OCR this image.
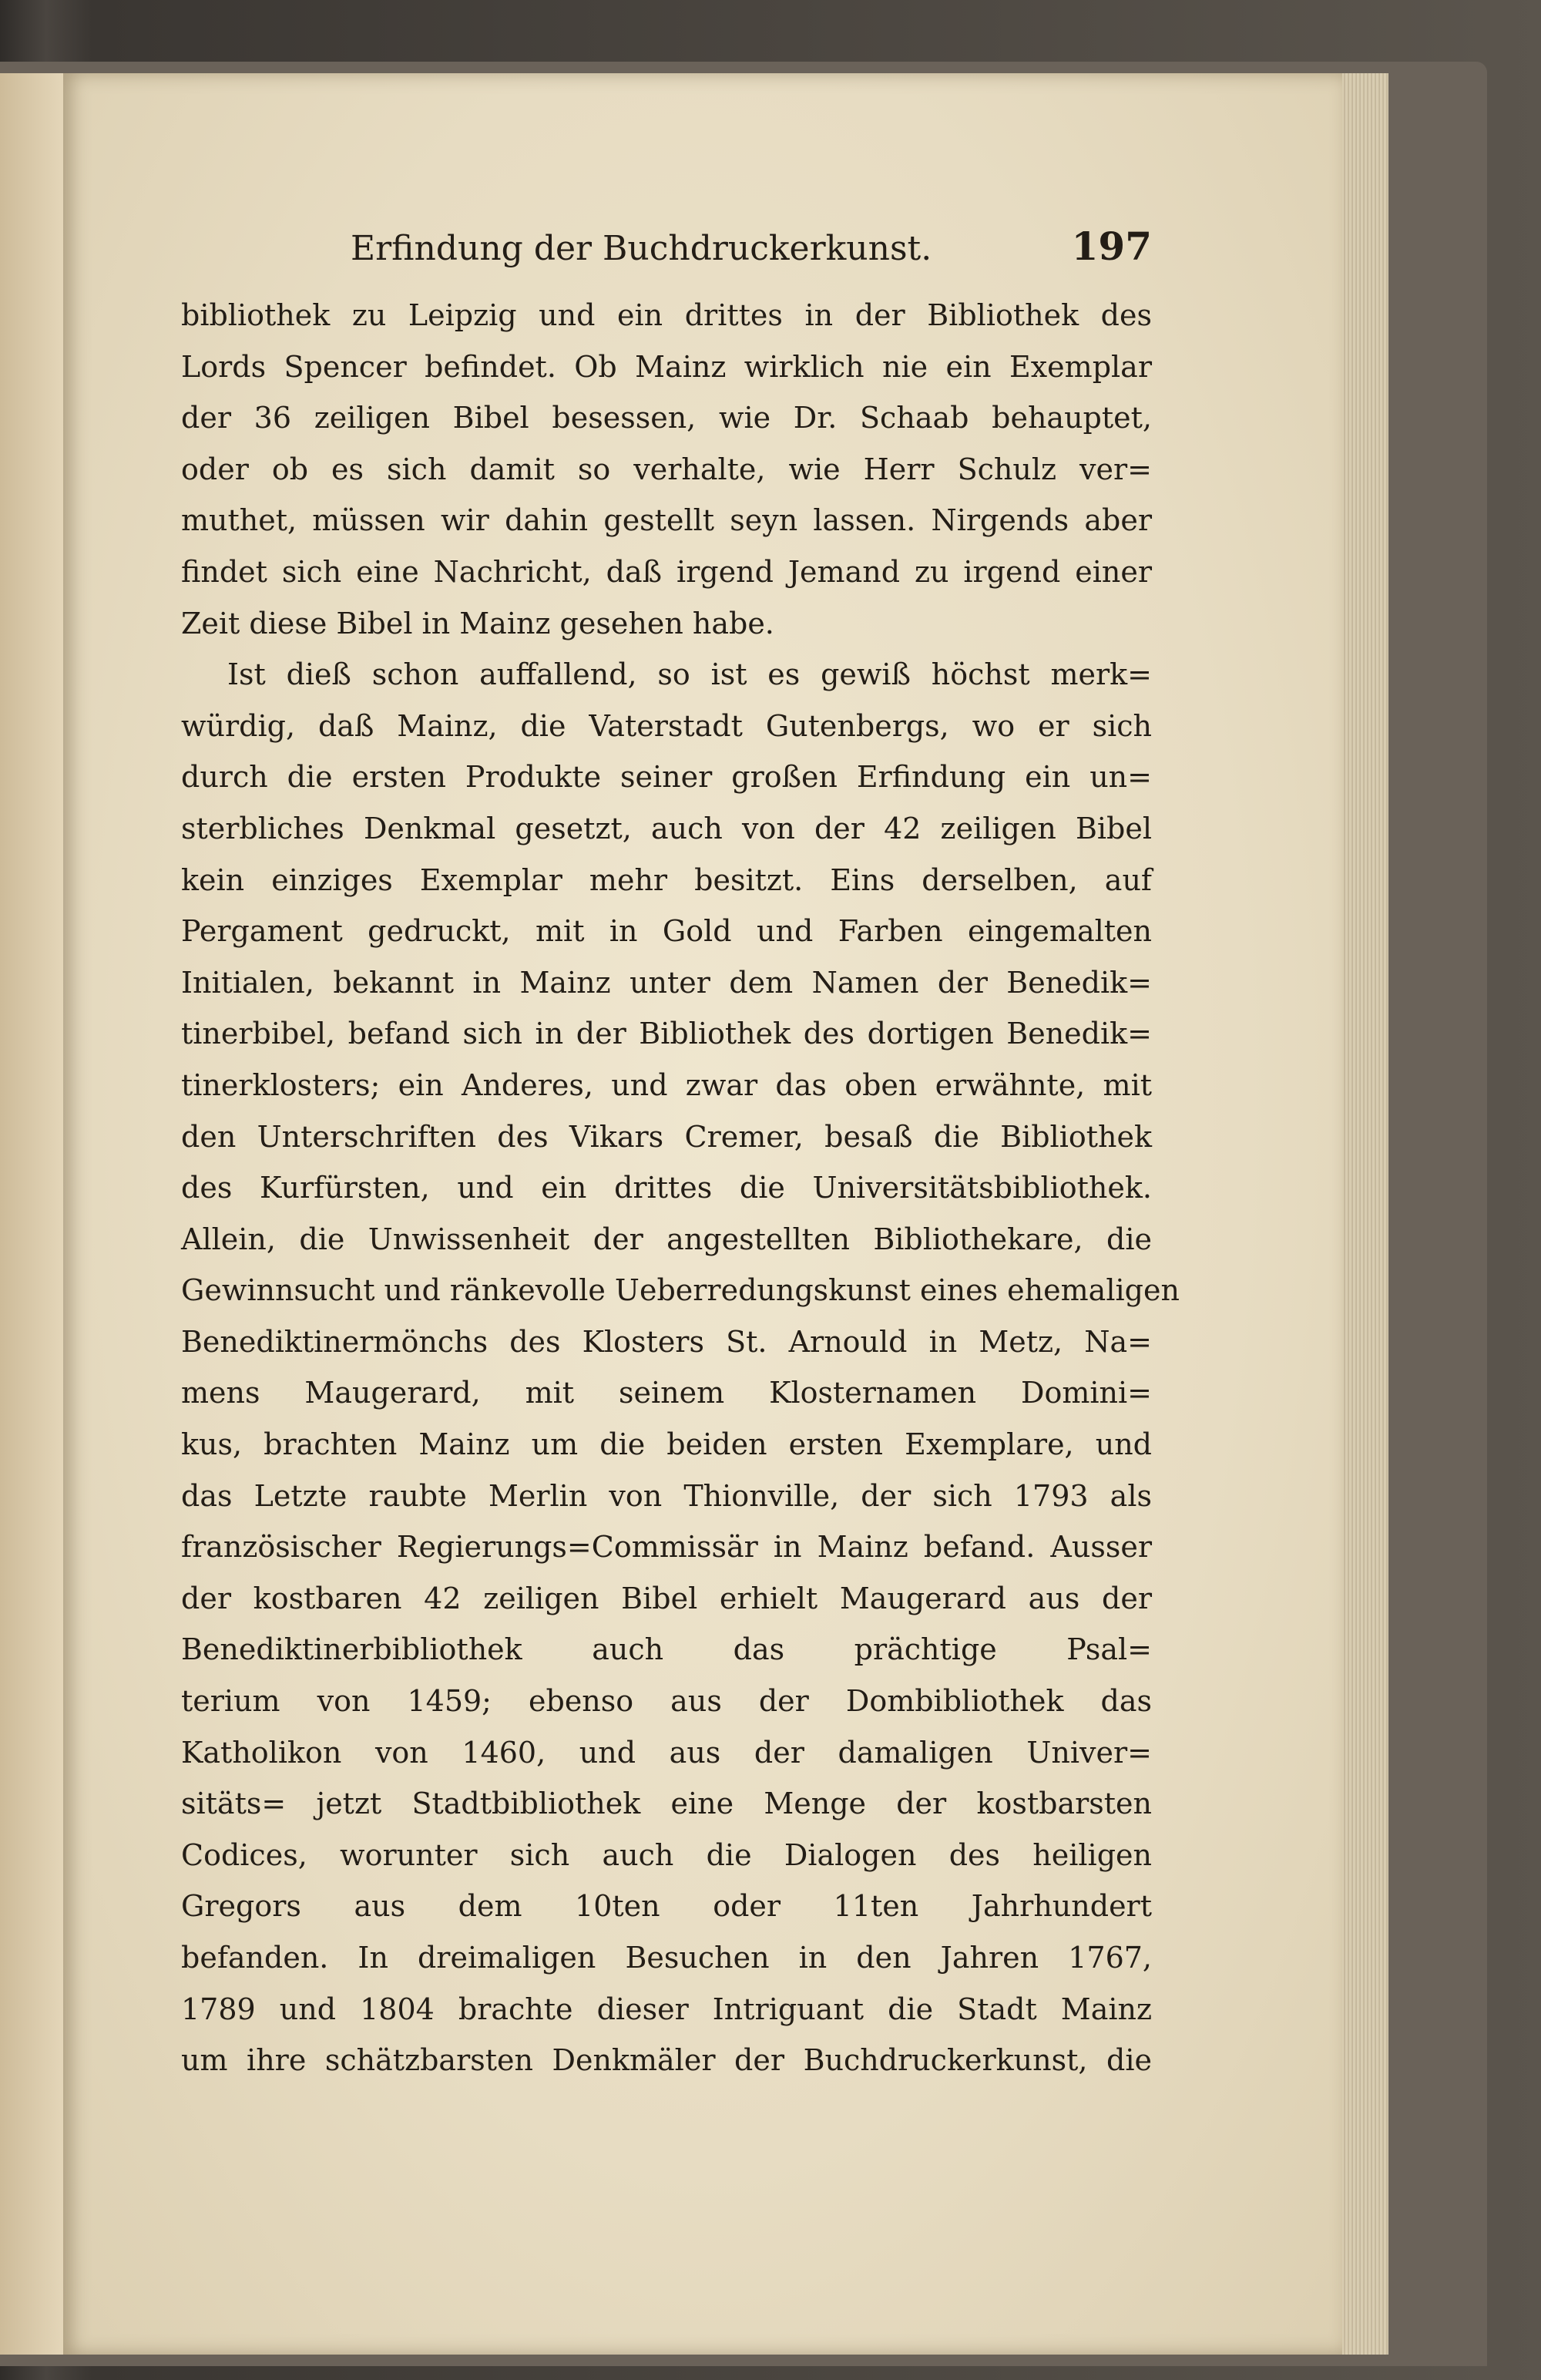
Erfindung der Buchdruckerkunst.	197
bibliothek zu Leipzig und ein drittes in der Bibliothek des
Lords Spencer befindet. Ob Mainz wirklich nie ein Exemplar
der 36 zeiligen Bibel besessen, wie Dr. Schaab behauptet,
oder ob es sich damit so verhalte, wie Herr Schulz ver=
muthet, müssen wir dahin gestellt seyn lassen. Nirgends aber
findet sich eine Nachricht, daß irgend Jemand zu irgend einer
Zeit diese Bibel in Mainz gesehen habe.
Ist dieß schon auffallend, so ist es gewiß höchst merk=
würdig, daß Mainz, die Vaterstadt Gutenbergs, wo er sich
durch die ersten Produkte seiner großen Erfindung ein un=
sterbliches Denkmal gesetzt, auch von der 42 zeiligen Bibel
kein einziges Exemplar mehr besitzt. Eins derselben, auf
Pergament gedruckt, mit in Gold und Farben eingemalten
Initialen, bekannt in Mainz unter dem Namen der Benedik=
tinerbibel, befand sich in der Bibliothek des dortigen Benedik=
tinerklosters; ein Anderes, und zwar das oben erwähnte, mit
den Unterschriften des Vikars Cremer, besaß die Bibliothek
des Kurfürsten, und ein drittes die Universitätsbibliothek.
Allein, die Unwissenheit der angestellten Bibliothekare, die
Gewinnsucht und ränkevolle Ueberredungskunst eines ehemaligen
Benediktinermönchs des Klosters St. Arnould in Metz, Na=
mens Maugerard, mit seinem Klosternamen Domini=
kus, brachten Mainz um die beiden ersten Exemplare, und
das Letzte raubte Merlin von Thionville, der sich 1793 als
französischer Regierungs=Commissär in Mainz befand. Ausser
der kostbaren 42 zeiligen Bibel erhielt Maugerard aus der
Benediktinerbibliothek auch das prächtige Psal=
terium von 1459; ebenso aus der Dombibliothek das
Katholikon von 1460, und aus der damaligen Univer=
sitäts= jetzt Stadtbibliothek eine Menge der kostbarsten
Codices, worunter sich auch die Dialogen des heiligen
Gregors aus dem 10ten oder 11ten Jahrhundert
befanden. In dreimaligen Besuchen in den Jahren 1767,
1789 und 1804 brachte dieser Intriguant die Stadt Mainz
um ihre schätzbarsten Denkmäler der Buchdruckerkunst, die
